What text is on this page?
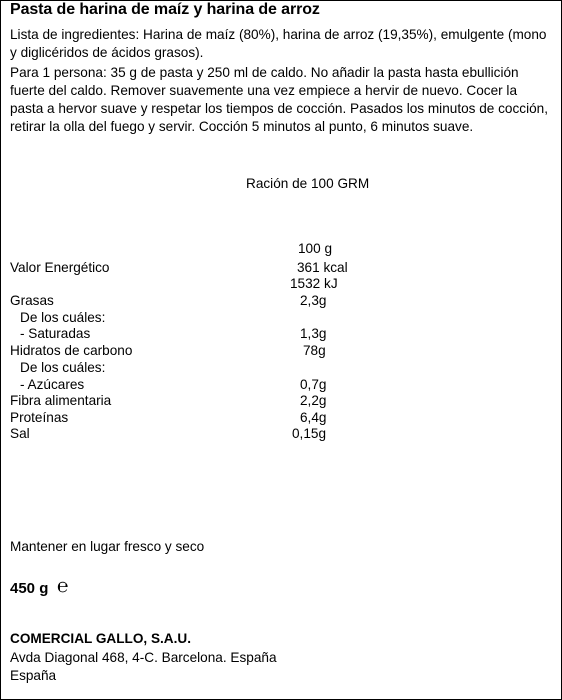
Pasta de harina de maíz y harina de arroz
Lista de ingredientes: Harina de maíz (80%), harina de arroz (19,35%), emulgente (mono y diglicéridos de ácidos grasos).
Para 1 persona: 35 g de pasta y 250 ml de caldo. No añadir la pasta hasta ebullición fuerte del caldo. Remover suavemente una vez empiece a hervir de nuevo. Cocer la pasta a hervor suave y respetar los tiempos de cocción. Pasados los minutos de cocción, retirar la olla del fuego y servir. Cocción 5 minutos al punto, 6 minutos suave.
Ración de 100 GRM
100 g
Valor Energético	361 kcal
1532 kJ
Grasas	2,3g
De los cuáles:
- Saturadas	1,3g
Hidratos de carbono	78g
De los cuáles:
- Azúcares	0,7g
Fibra alimentaria	2,2g
Proteínas	6,4g
Sal	0,15g
Mantener en lugar fresco y seco
450 g ℮
COMERCIAL GALLO, S.A.U.
Avda Diagonal 468, 4-C. Barcelona. España
España
